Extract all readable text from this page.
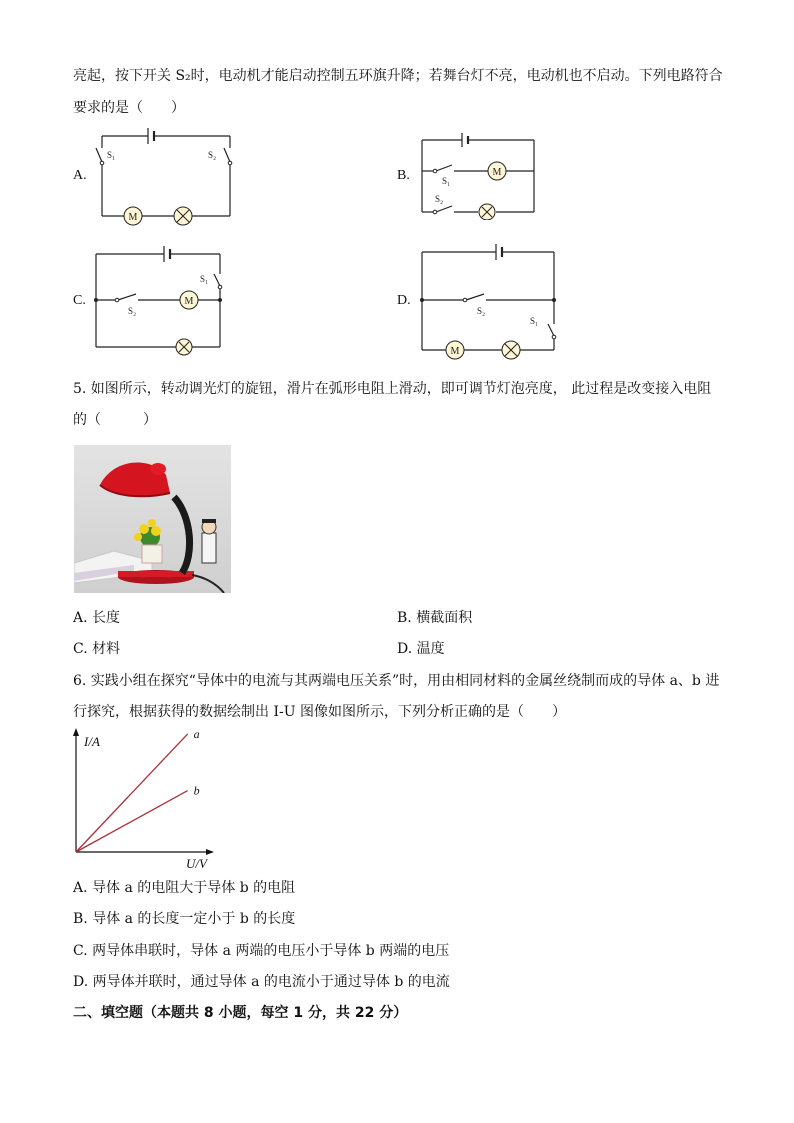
亮起，按下开关 S₂时，电动机才能启动控制五环旗升降；若舞台灯不亮，电动机也不启动。下列电路符合
要求的是（　　）
A.
M
S₁	S₂
B.	M
S₁
S₂
C.	M
S₁
S₂
D.
M
S₁
S₂
5. 如图所示，转动调光灯的旋钮，滑片在弧形电阻上滑动，即可调节灯泡亮度， 此过程是改变接入电阻
的（　　　）
A. 长度	B. 横截面积
C. 材料	D. 温度
6. 实践小组在探究“导体中的电流与其两端电压关系”时，用由相同材料的金属丝绕制而成的导体 a、b 进
行探究，根据获得的数据绘制出 I-U 图像如图所示，下列分析正确的是（　　）
I/A
U/V
a
b
A. 导体 a 的电阻大于导体 b 的电阻
B. 导体 a 的长度一定小于 b 的长度
C. 两导体串联时，导体 a 两端的电压小于导体 b 两端的电压
D. 两导体并联时，通过导体 a 的电流小于通过导体 b 的电流
二、填空题（本题共 8 小题，每空 1 分，共 22 分）
